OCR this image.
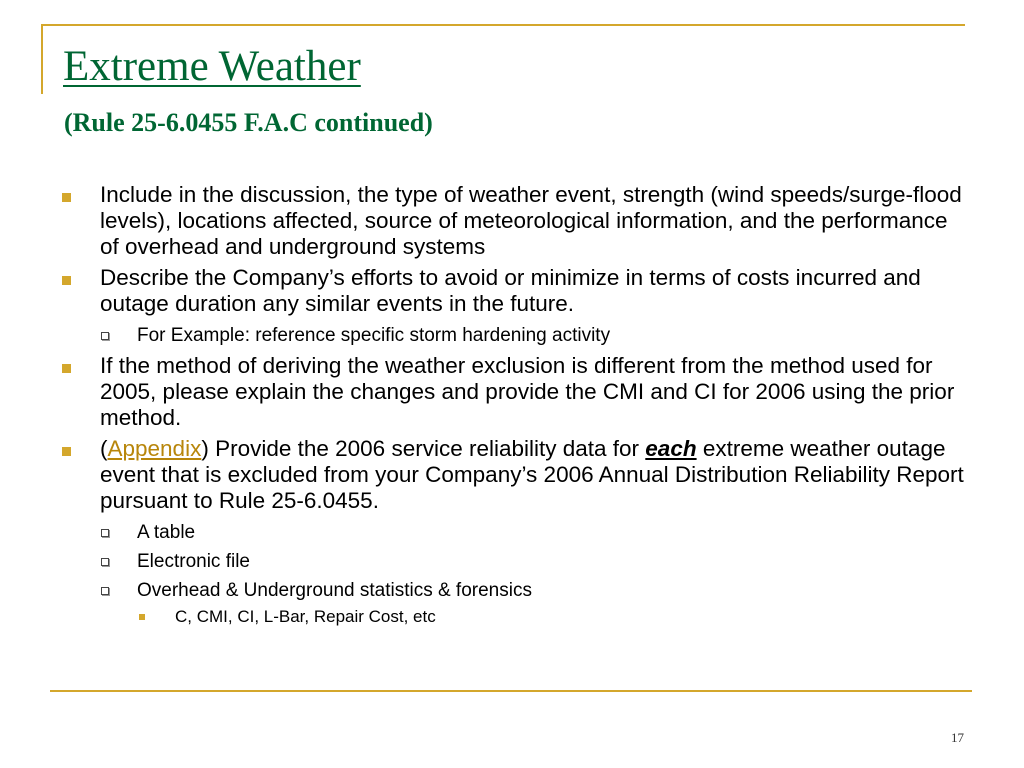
Extreme Weather
(Rule 25-6.0455 F.A.C continued)
Include in the discussion, the type of weather event, strength (wind speeds/surge-flood levels), locations affected, source of meteorological information, and the performance of overhead and underground systems
Describe the Company’s efforts to avoid or minimize in terms of costs incurred and outage duration any similar events in the future.
For Example: reference specific storm hardening activity
If the method of deriving the weather exclusion is different from the method used for 2005, please explain the changes and provide the CMI and CI for 2006 using the prior method.
(Appendix) Provide the 2006 service reliability data for each extreme weather outage event that is excluded from your Company’s 2006 Annual Distribution Reliability Report pursuant to Rule 25-6.0455.
A table
Electronic file
Overhead & Underground statistics & forensics
C, CMI, CI, L-Bar, Repair Cost, etc
17
